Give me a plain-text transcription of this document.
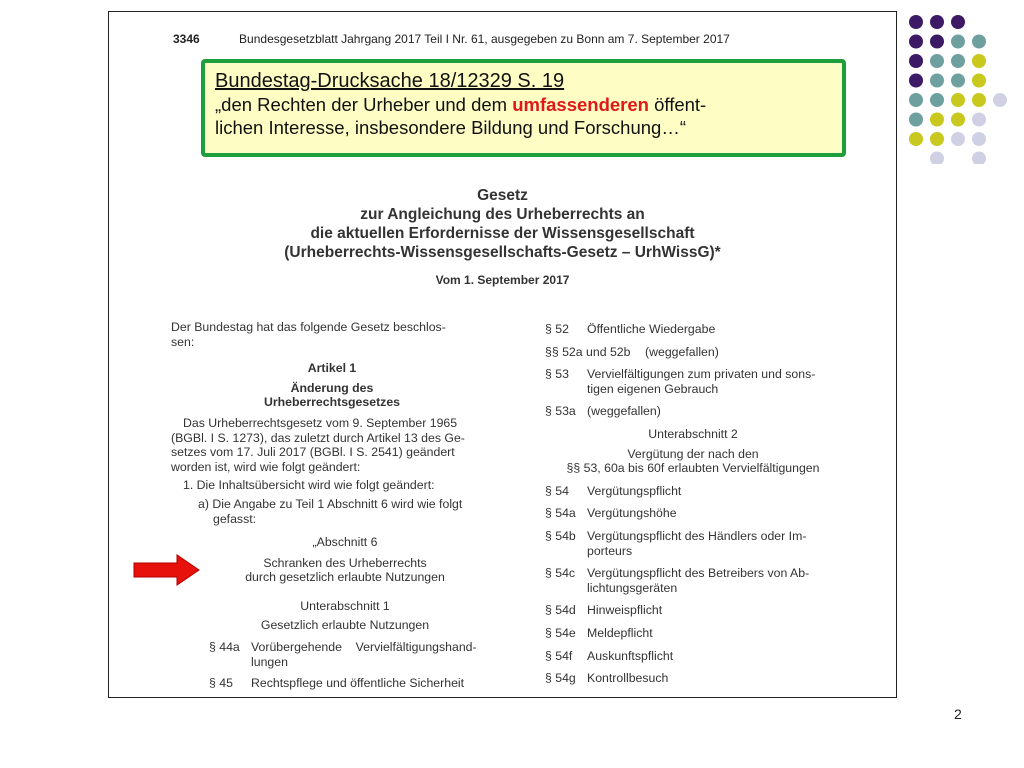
3346	Bundesgesetzblatt Jahrgang 2017 Teil I Nr. 61, ausgegeben zu Bonn am 7. September 2017
Bundestag-Drucksache 18/12329 S. 19
„den Rechten der Urheber und dem umfassenderen öffent-
lichen Interesse, insbesondere Bildung und Forschung…“
Gesetz
zur Angleichung des Urheberrechts an
die aktuellen Erfordernisse der Wissensgesellschaft
(Urheberrechts-Wissensgesellschafts-Gesetz – UrhWissG)*
Vom 1. September 2017
Der Bundestag hat das folgende Gesetz beschlos-
sen:
Artikel 1
Änderung des
Urheberrechtsgesetzes
Das Urheberrechtsgesetz vom 9. September 1965
(BGBl. I S. 1273), das zuletzt durch Artikel 13 des Ge-
setzes vom 17. Juli 2017 (BGBl. I S. 2541) geändert
worden ist, wird wie folgt geändert:
1. Die Inhaltsübersicht wird wie folgt geändert:
a) Die Angabe zu Teil 1 Abschnitt 6 wird wie folgt
gefasst:
„Abschnitt 6
Schranken des Urheberrechts
durch gesetzlich erlaubte Nutzungen
Unterabschnitt 1
Gesetzlich erlaubte Nutzungen
§ 44a Vorübergehende    Vervielfältigungshand-
lungen
§ 45	Rechtspflege und öffentliche Sicherheit
§ 52	Öffentliche Wiedergabe
§§ 52a und 52b	(weggefallen)
§ 53	Vervielfältigungen zum privaten und sons-
tigen eigenen Gebrauch
§ 53a (weggefallen)
Unterabschnitt 2
Vergütung der nach den
§§ 53, 60a bis 60f erlaubten Vervielfältigungen
§ 54	Vergütungspflicht
§ 54a Vergütungshöhe
§ 54b Vergütungspflicht des Händlers oder Im-
porteurs
§ 54c Vergütungspflicht des Betreibers von Ab-
lichtungsgeräten
§ 54d Hinweispflicht
§ 54e Meldepflicht
§ 54f	Auskunftspflicht
§ 54g Kontrollbesuch
2
